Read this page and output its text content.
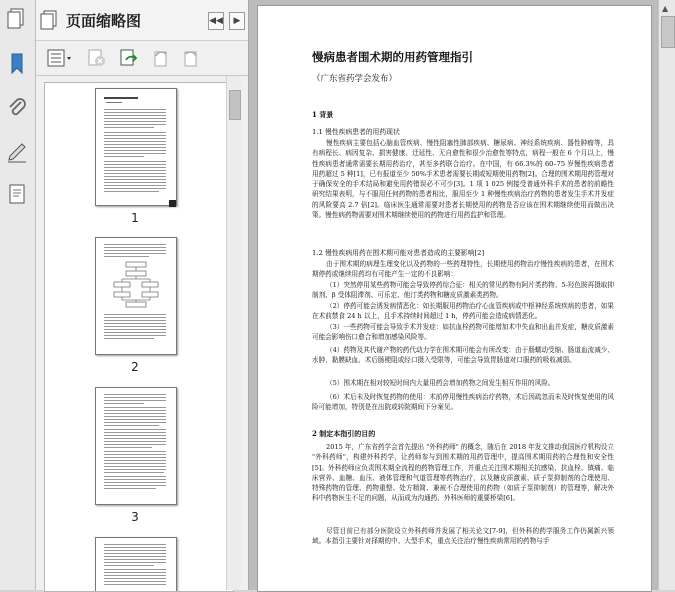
页面缩略图	◀◀	▶
1
2
3
慢病患者围术期的用药管理指引
（广东省药学会发布）
1 背景
1.1 慢性疾病患者的用药现状
慢性疾病主要包括心脑血管疾病、慢性阻塞性肺部疾病、糖尿病、神经系统疾病、器性肿瘤等，具有病程长、病因复杂、损害健康、迁延性、无自愈性和很少治愈性等特点，病程一般在 6 个月以上，慢性疾病患者通常需要长期用药治疗，甚至多药联合治疗。在中国，有 66.3%的 60–75 岁慢性疾病患者用药超过 5 种[1]，已有报道至少 50%手术患者需要长期或短期使用药物[2]。合理的围术期用药管理对于确保安全的手术结局和避免用药错误必不可少[3]。1 项 1 025 例接受普通外科手术的患者的前瞻性研究结果表明，与不服用任何药物的患者相比，服用至少 1 种慢性疾病治疗药物的患者发生手术并发症的风险要高 2.7 倍[2]。临床医生通常需要对患者长期使用的药物是否应该在围术期继续使用而做出决策。慢性病药物需要对围术期继续使用的药物进行用药监护和管理。
1.2 慢性疾病用药在围术期可能对患者造成的主要影响[2]
由于围术期的病理生理变化以及药物的一些药理特性，长期使用药物治疗慢性疾病的患者，在围术期停药或继续用药均有可能产生一定的不良影响：
（1）突然停用某些药物可能会导致停药综合征：相关的常见药物有阿片类药物、5-羟色胺再摄取抑制剂、β 受体阻滞剂、可乐定、他汀类药物和糖皮质激素类药物。
（2）停药可能会诱发病情恶化：如长期服用药物治疗心血管疾病或中枢神经系统疾病的患者，如果在术前禁食 24 h 以上，且手术持续时间超过 1 h，停药可能会造成病情恶化。
（3）一些药物可能会导致手术并发症：如抗血栓药物可能增加术中失血和出血并发症，糖皮质激素可能会影响伤口愈合和增加感染风险等。
（4）药物及其代谢产物的药代动力学在围术期可能会有所改变：由于肠蠕动受缩、肠道血流减少、水肿、黏膜缺血、术后肠梗阻或经口摄入受限等，可能会导致胃肠道对口服药的吸收减弱。
（5）围术期在相对较短时间内大量用药会增加药物之间发生相互作用的风险。
（6）术后未及时恢复药物的使用：术前停用慢性疾病治疗药物，术后因疏忽而未及时恢复使用的风险可能增加，特别是在出院或转院期间下分案见。
2 制定本指引的目的
2015 年，广东省药学会首先提出 "外科药师" 的概念，随后在 2018 年发文推动我国医疗机构设立 "外科药师"，构建外科药学，让药师参与到围术期的用药管理中，提高围术期用药的合理性和安全性[5]。外科药师应负责围术期全流程的药物管理工作，并重点关注围术期相关抗感染、抗血栓、镇痛、临床营养、血糖、血压、液体管理和气道管理等药物治疗，以及糖皮质激素、质子泵抑制剂的合理使用、特殊药物的管理、药物重整、处方精简、兼被不合理使用的药物（如质子泵抑制剂）的管理等，解决外科中药物医生不足的问题，从而成为沟通药、外科医师的重要桥梁[6]。
尽管目前已有部分医院设立外科药师并发展了相关论文[7-9]，但外科的药学服务工作仍属新兴领域。本指引主要针对择期的中、大型手术，重点关注治疗慢性疾病常用的药物与手
▲
